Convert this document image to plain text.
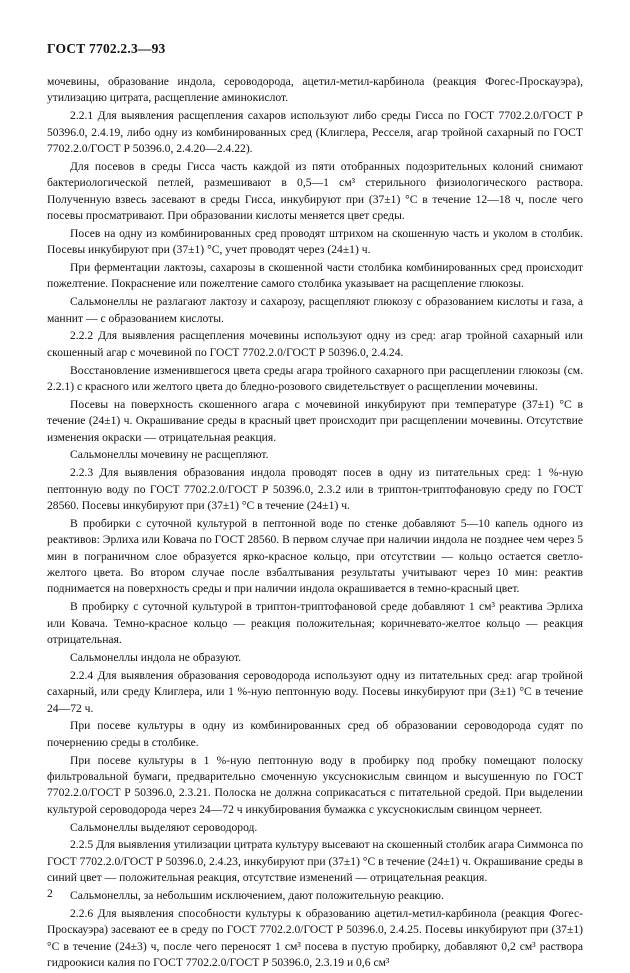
ГОСТ 7702.2.3—93

мочевины, образование индола, сероводорода, ацетил-метил-карбинола (реакция Фогес-Проскауэра), утилизацию цитрата, расщепление аминокислот.

2.2.1 Для выявления расщепления сахаров используют либо среды Гисса по ГОСТ 7702.2.0/ГОСТ Р 50396.0, 2.4.19, либо одну из комбинированных сред (Клиглера, Ресселя, агар тройной сахарный по ГОСТ 7702.2.0/ГОСТ Р 50396.0, 2.4.20—2.4.22).

Для посевов в среды Гисса часть каждой из пяти отобранных подозрительных колоний снимают бактериологической петлей, размешивают в 0,5—1 см³ стерильного физиологического раствора. Полученную взвесь засевают в среды Гисса, инкубируют при (37±1) °С в течение 12—18 ч, после чего посевы просматривают. При образовании кислоты меняется цвет среды.

Посев на одну из комбинированных сред проводят штрихом на скошенную часть и уколом в столбик. Посевы инкубируют при (37±1) °С, учет проводят через (24±1) ч.

При ферментации лактозы, сахарозы в скошенной части столбика комбинированных сред происходит пожелтение. Покраснение или пожелтение самого столбика указывает на расщепление глюкозы.

Сальмонеллы не разлагают лактозу и сахарозу, расщепляют глюкозу с образованием кислоты и газа, а маннит — с образованием кислоты.

2.2.2 Для выявления расщепления мочевины используют одну из сред: агар тройной сахарный или скошенный агар с мочевиной по ГОСТ 7702.2.0/ГОСТ Р 50396.0, 2.4.24.

Восстановление изменившегося цвета среды агара тройного сахарного при расщеплении глюкозы (см. 2.2.1) с красного или желтого цвета до бледно-розового свидетельствует о расщеплении мочевины.

Посевы на поверхность скошенного агара с мочевиной инкубируют при температуре (37±1) °С в течение (24±1) ч. Окрашивание среды в красный цвет происходит при расщеплении мочевины. Отсутствие изменения окраски — отрицательная реакция.

Сальмонеллы мочевину не расщепляют.

2.2.3 Для выявления образования индола проводят посев в одну из питательных сред: 1 %-ную пептонную воду по ГОСТ 7702.2.0/ГОСТ Р 50396.0, 2.3.2 или в триптон-триптофановую среду по ГОСТ 28560. Посевы инкубируют при (37±1) °С в течение (24±1) ч.

В пробирки с суточной культурой в пептонной воде по стенке добавляют 5—10 капель одного из реактивов: Эрлиха или Ковача по ГОСТ 28560. В первом случае при наличии индола не позднее чем через 5 мин в пограничном слое образуется ярко-красное кольцо, при отсутствии — кольцо остается светло-желтого цвета. Во втором случае после взбалтывания результаты учитывают через 10 мин: реактив поднимается на поверхность среды и при наличии индола окрашивается в темно-красный цвет.

В пробирку с суточной культурой в триптон-триптофановой среде добавляют 1 см³ реактива Эрлиха или Ковача. Темно-красное кольцо — реакция положительная; коричневато-желтое кольцо — реакция отрицательная.

Сальмонеллы индола не образуют.

2.2.4 Для выявления образования сероводорода используют одну из питательных сред: агар тройной сахарный, или среду Клиглера, или 1 %-ную пептонную воду. Посевы инкубируют при (3±1) °С в течение 24—72 ч.

При посеве культуры в одну из комбинированных сред об образовании сероводорода судят по почернению среды в столбике.

При посеве культуры в 1 %-ную пептонную воду в пробирку под пробку помещают полоску фильтровальной бумаги, предварительно смоченную уксуснокислым свинцом и высушенную по ГОСТ 7702.2.0/ГОСТ Р 50396.0, 2.3.21. Полоска не должна соприкасаться с питательной средой. При выделении культурой сероводорода через 24—72 ч инкубирования бумажка с уксуснокислым свинцом чернеет.

Сальмонеллы выделяют сероводород.

2.2.5 Для выявления утилизации цитрата культуру высевают на скошенный столбик агара Симмонса по ГОСТ 7702.2.0/ГОСТ Р 50396.0, 2.4.23, инкубируют при (37±1) °С в течение (24±1) ч. Окрашивание среды в синий цвет — положительная реакция, отсутствие изменений — отрицательная реакция.

Сальмонеллы, за небольшим исключением, дают положительную реакцию.

2.2.6 Для выявления способности культуры к образованию ацетил-метил-карбинола (реакция Фогес-Проскауэра) засевают ее в среду по ГОСТ 7702.2.0/ГОСТ Р 50396.0, 2.4.25. Посевы инкубируют при (37±1) °С в течение (24±3) ч, после чего переносят 1 см³ посева в пустую пробирку, добавляют 0,2 см³ раствора гидроокиси калия по ГОСТ 7702.2.0/ГОСТ Р 50396.0, 2.3.19 и 0,6 см³

2
